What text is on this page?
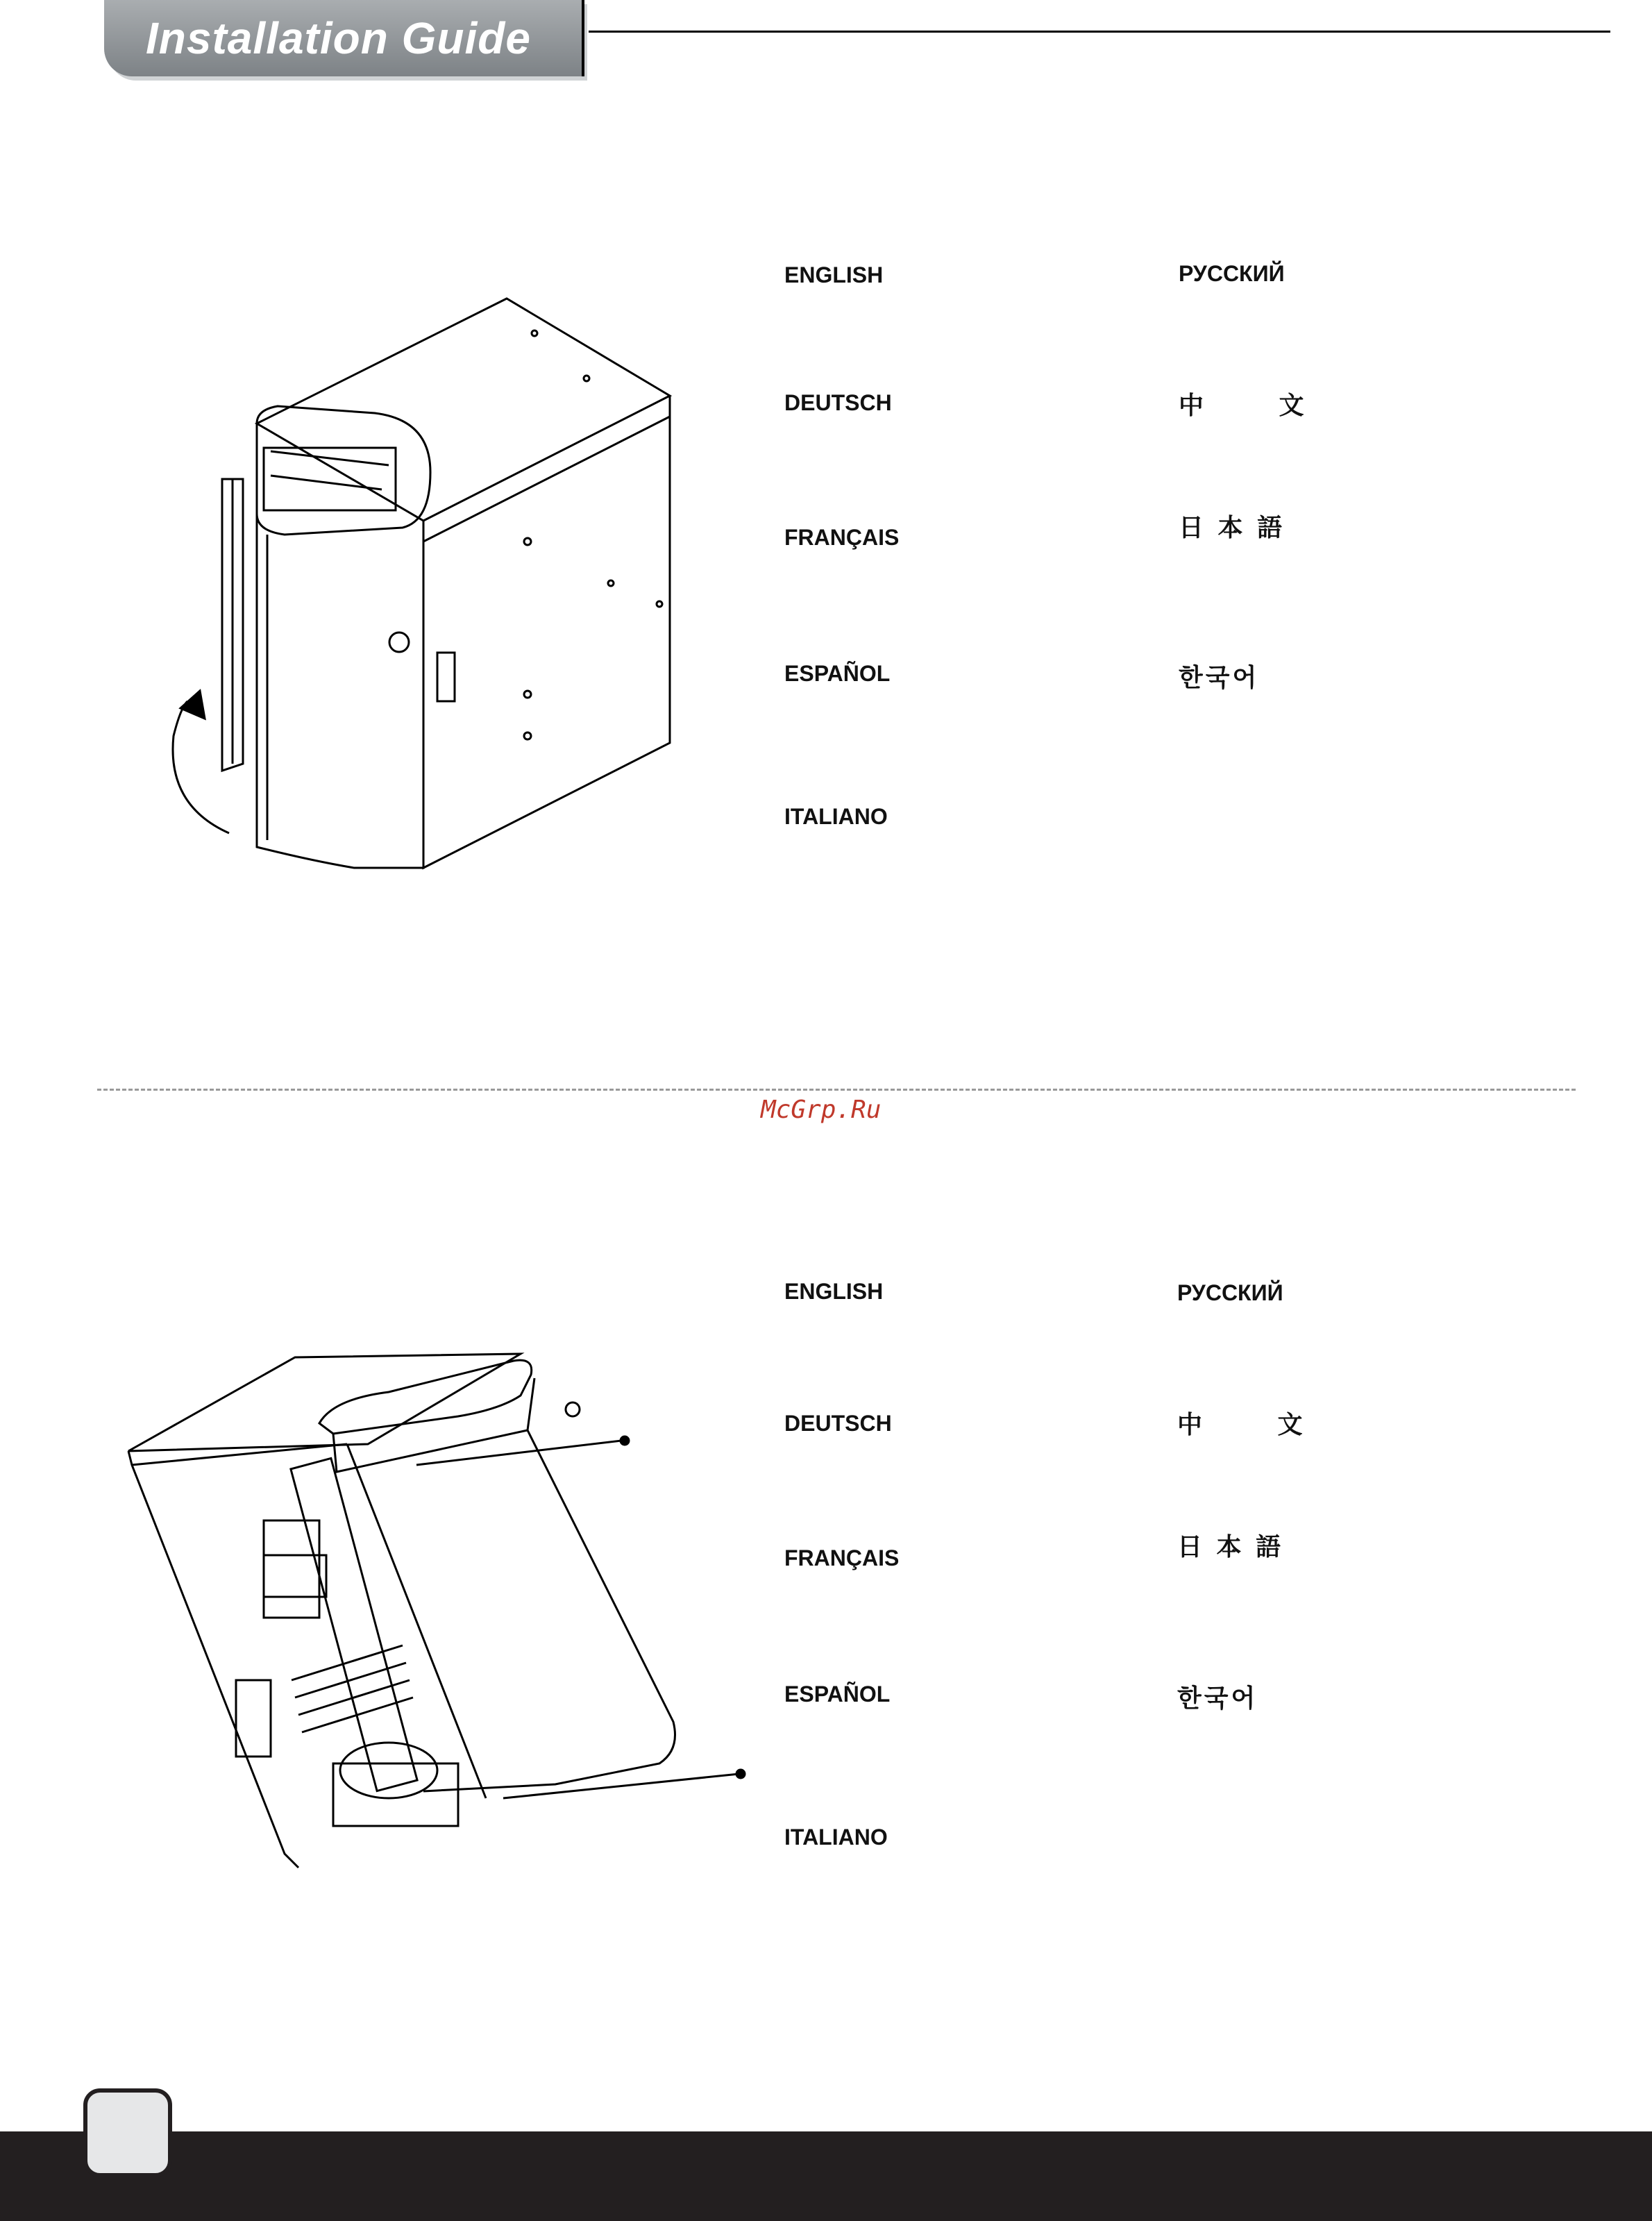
Installation Guide
ENGLISH
DEUTSCH
FRANÇAIS
ESPAÑOL
ITALIANO
РУССКИЙ
中 文
日 本 語
한국어
McGrp.Ru
ENGLISH
DEUTSCH
FRANÇAIS
ESPAÑOL
ITALIANO
РУССКИЙ
中 文
日 本 語
한국어
